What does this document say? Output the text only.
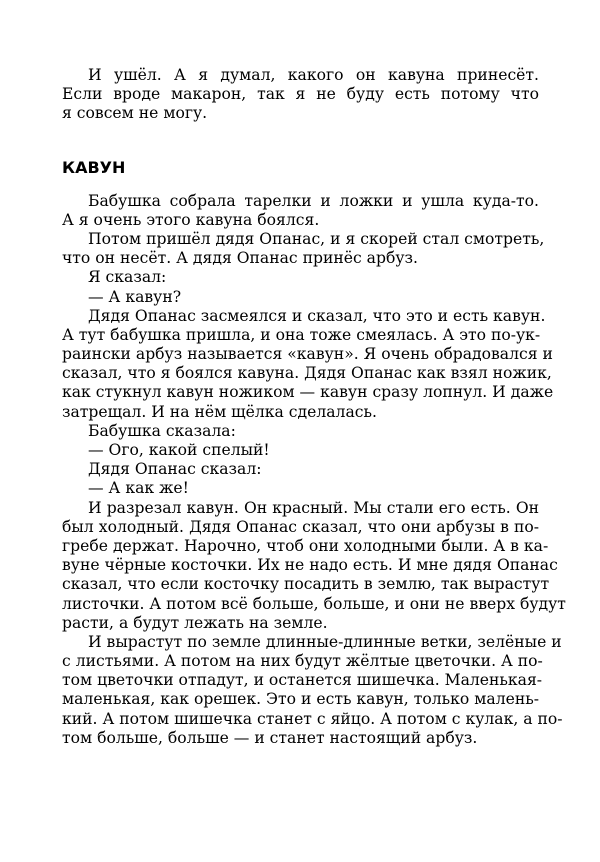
И ушёл. А я думал, какого он кавуна принесёт.
Если вроде макарон, так я не буду есть потому что
я совсем не могу.
КАВУН
Бабушка собрала тарелки и ложки и ушла куда-то.
А я очень этого кавуна боялся.
Потом пришёл дядя Опанас, и я скорей стал смотреть,
что он несёт. А дядя Опанас принёс арбуз.
Я сказал:
— А кавун?
Дядя Опанас засмеялся и сказал, что это и есть кавун.
А тут бабушка пришла, и она тоже смеялась. А это по-ук-
раински арбуз называется «кавун». Я очень обрадовался и
сказал, что я боялся кавуна. Дядя Опанас как взял ножик,
как стукнул кавун ножиком — кавун сразу лопнул. И даже
затрещал. И на нём щёлка сделалась.
Бабушка сказала:
— Ого, какой спелый!
Дядя Опанас сказал:
— А как же!
И разрезал кавун. Он красный. Мы стали его есть. Он
был холодный. Дядя Опанас сказал, что они арбузы в по-
гребе держат. Нарочно, чтоб они холодными были. А в ка-
вуне чёрные косточки. Их не надо есть. И мне дядя Опанас
сказал, что если косточку посадить в землю, так вырастут
листочки. А потом всё больше, больше, и они не вверх будут
расти, а будут лежать на земле.
И вырастут по земле длинные-длинные ветки, зелёные и
с листьями. А потом на них будут жёлтые цветочки. А по-
том цветочки отпадут, и останется шишечка. Маленькая-
маленькая, как орешек. Это и есть кавун, только малень-
кий. А потом шишечка станет с яйцо. А потом с кулак, а по-
том больше, больше — и станет настоящий арбуз.
